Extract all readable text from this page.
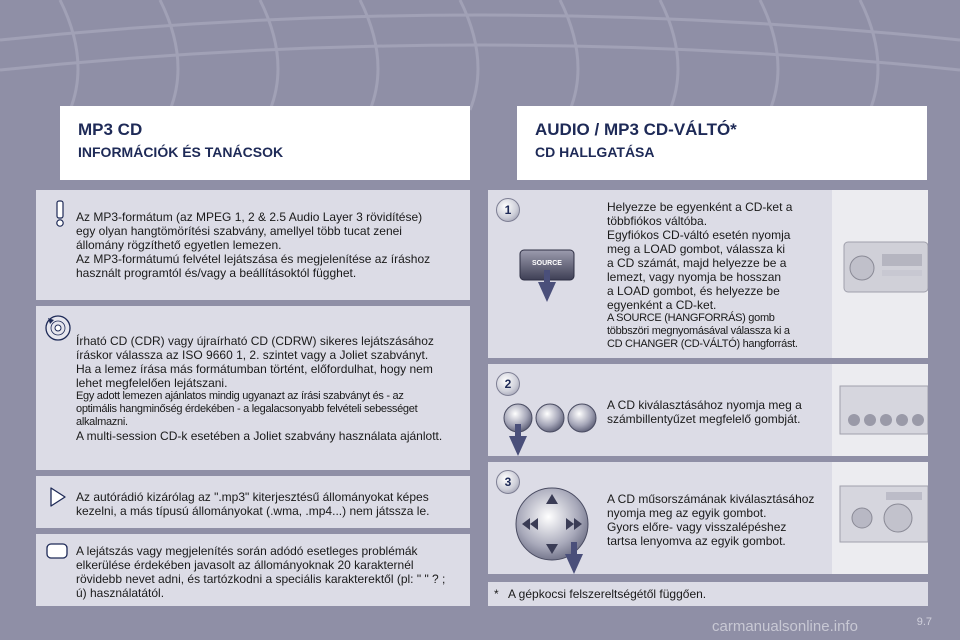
MP3 CD
INFORMÁCIÓK ÉS TANÁCSOK
AUDIO / MP3 CD-VÁLTÓ*
CD HALLGATÁSA
Az MP3-formátum (az MPEG 1, 2 & 2.5 Audio Layer 3 rövidítése)
egy olyan hangtömörítési szabvány, amellyel több tucat zenei
állomány rögzíthető egyetlen lemezen.
Az MP3-formátumú felvétel lejátszása és megjelenítése az íráshoz
használt programtól és/vagy a beállításoktól függhet.
Írható CD (CDR) vagy újraírható CD (CDRW) sikeres lejátszásához
íráskor válassza az ISO 9660 1, 2. szintet vagy a Joliet szabványt.
Ha a lemez írása más formátumban történt, előfordulhat, hogy nem
lehet megfelelően lejátszani.
Egy adott lemezen ajánlatos mindig ugyanazt az írási szabványt és - az
optimális hangminőség érdekében - a legalacsonyabb felvételi sebességet
alkalmazni.
A multi-session CD-k esetében a Joliet szabvány használata ajánlott.
Az autórádió kizárólag az ".mp3" kiterjesztésű állományokat képes
kezelni, a más típusú állományokat (.wma, .mp4...) nem játssza le.
A lejátszás vagy megjelenítés során adódó esetleges problémák
elkerülése érdekében javasolt az állományoknak 20 karakternél
rövidebb nevet adni, és tartózkodni a speciális karakterektől (pl: " " ? ;
ú) használatától.
1
SOURCE
Helyezze be egyenként a CD-ket a
többfiókos váltóba.
Egyfiókos CD-váltó esetén nyomja
meg a LOAD gombot, válassza ki
a CD számát, majd helyezze be a
lemezt, vagy nyomja be hosszan
a LOAD gombot, és helyezze be
egyenként a CD-ket.
A SOURCE (HANGFORRÁS) gomb
többszöri megnyomásával válassza ki a
CD CHANGER (CD-VÁLTÓ) hangforrást.
2
A CD kiválasztásához nyomja meg a
számbillentyűzet megfelelő gombját.
3
A CD műsorszámának kiválasztásához
nyomja meg az egyik gombot.
Gyors előre- vagy visszalépéshez
tartsa lenyomva az egyik gombot.
* A gépkocsi felszereltségétől függően.
carmanualsonline.info	9.7
